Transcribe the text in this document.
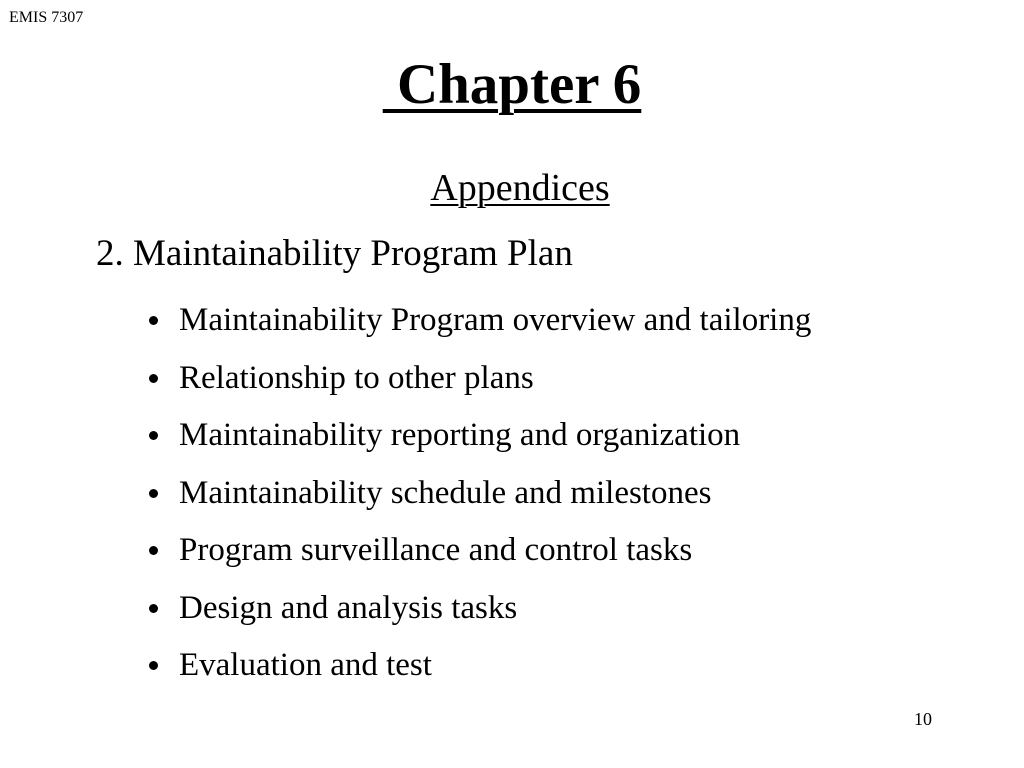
EMIS 7307
Chapter 6
Appendices
2. Maintainability Program Plan
Maintainability Program overview and tailoring
Relationship to other plans
Maintainability reporting and organization
Maintainability schedule and milestones
Program surveillance and control tasks
Design and analysis tasks
Evaluation and test
10
